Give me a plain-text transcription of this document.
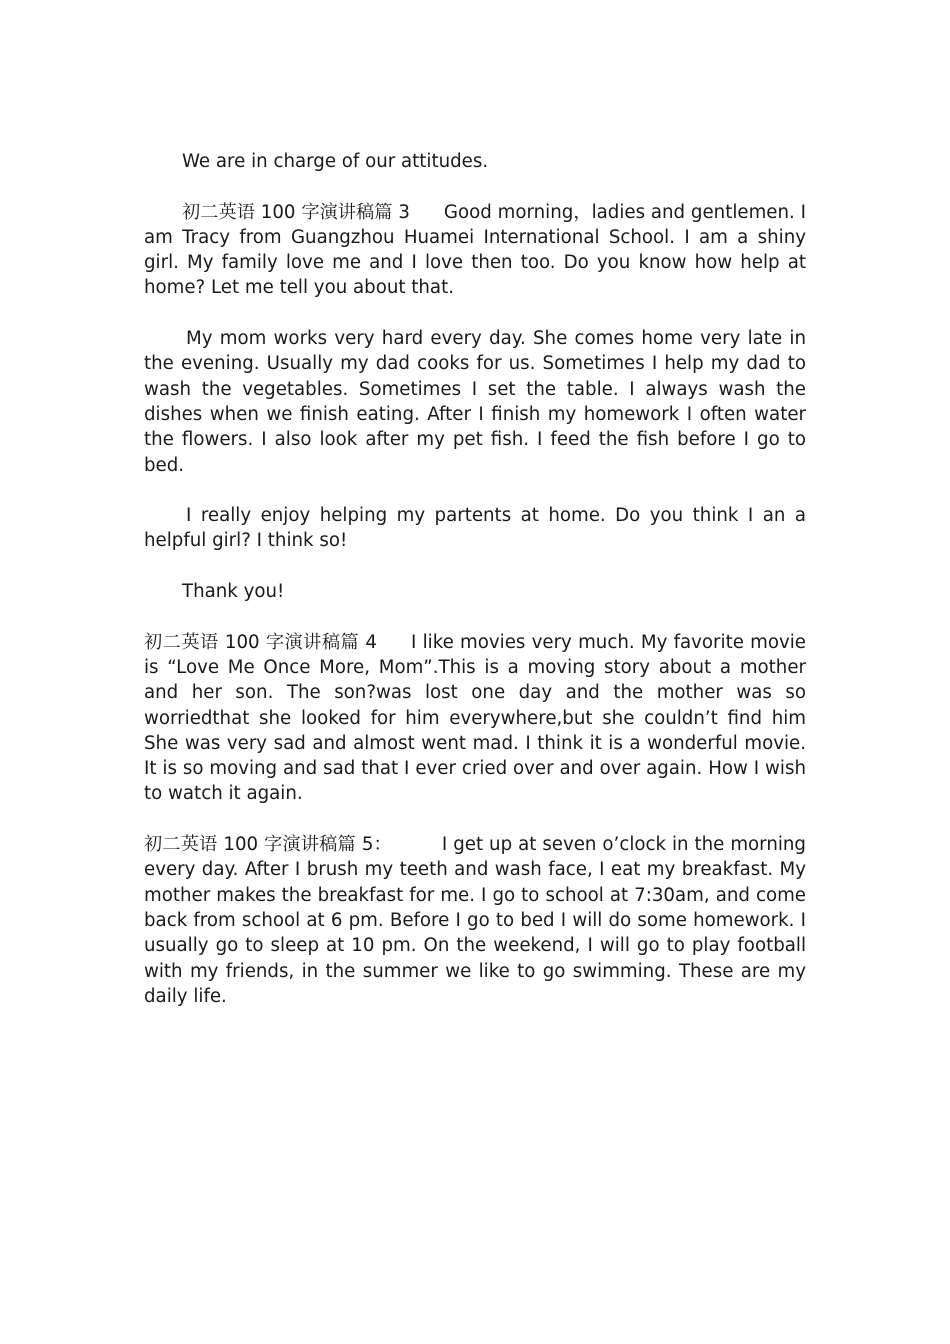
We are in charge of our attitudes.

初二英语 100 字演讲稿篇 3 Good morning，ladies and gentlemen. I am Tracy from Guangzhou Huamei International School. I am a shiny girl. My family love me and I love then too. Do you know how help at home? Let me tell you about that.

My mom works very hard every day. She comes home very late in the evening. Usually my dad cooks for us. Sometimes I help my dad to wash the vegetables. Sometimes I set the table. I always wash the dishes when we finish eating. After I finish my homework I often water the flowers. I also look after my pet fish. I feed the fish before I go to bed.

I really enjoy helping my partents at home. Do you think I an a helpful girl? I think so!

Thank you!

初二英语 100 字演讲稿篇 4 I like movies very much. My favorite movie is “Love Me Once More, Mom”.This is a moving story about a mother and her son. The son?was lost one day and the mother was so worriedthat she looked for him everywhere,but she couldn’t find him She was very sad and almost went mad. I think it is a wonderful movie. It is so moving and sad that I ever cried over and over again. How I wish to watch it again.

初二英语 100 字演讲稿篇 5：	I get up at seven o’clock in the morning every day. After I brush my teeth and wash face, I eat my breakfast. My mother makes the breakfast for me. I go to school at 7:30am, and come back from school at 6 pm. Before I go to bed I will do some homework. I usually go to sleep at 10 pm. On the weekend, I will go to play football with my friends, in the summer we like to go swimming. These are my daily life.
